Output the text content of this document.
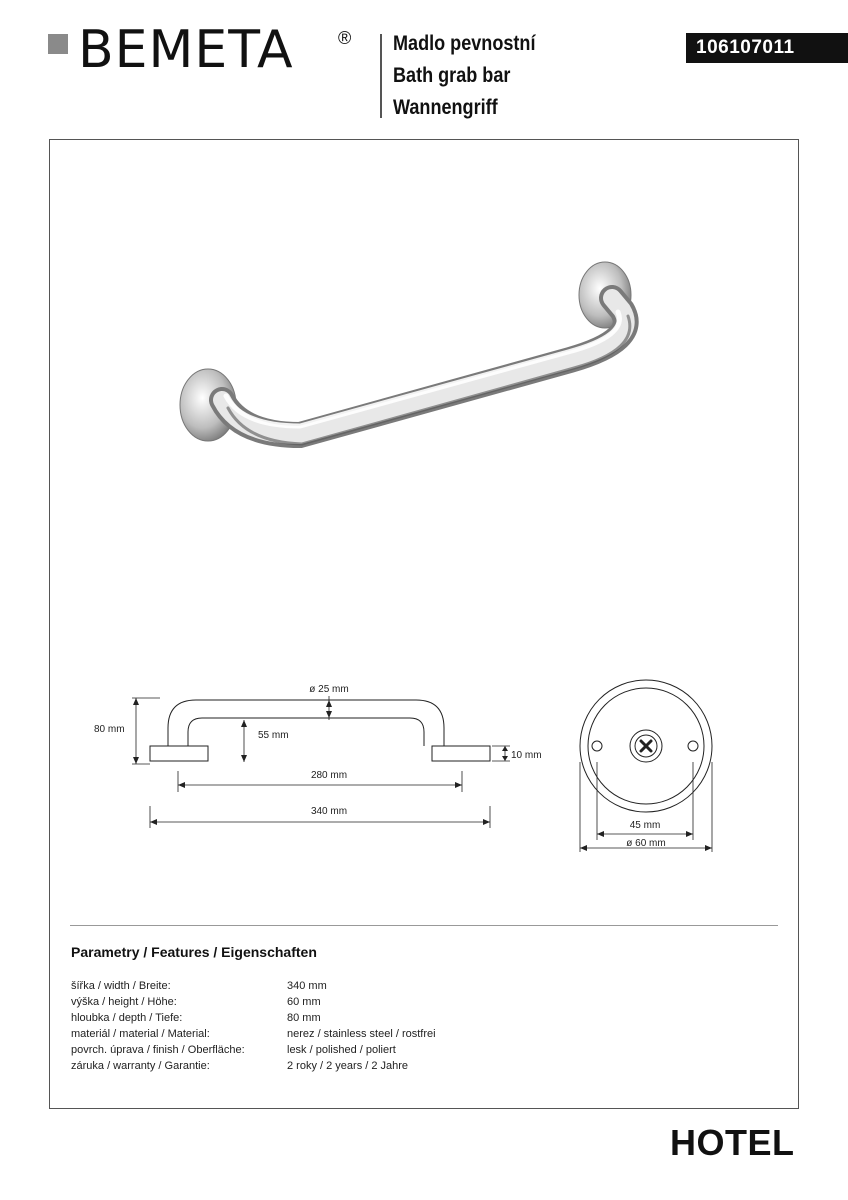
BEMETA ® Madlo pevnostní
Bath grab bar
Wannengriff
106107011
ø 25 mm
80 mm
55 mm
10 mm
280 mm
340 mm
45 mm
ø 60 mm
Parametry / Features / Eigenschaften
šířka / width / Breite:	340 mm
výška / height / Höhe:	60 mm
hloubka / depth / Tiefe:	80 mm
materiál / material / Material:	nerez / stainless steel / rostfrei
povrch. úprava / finish / Oberfläche:	lesk / polished / poliert
záruka / warranty / Garantie:	2 roky / 2 years / 2 Jahre
HOTEL
